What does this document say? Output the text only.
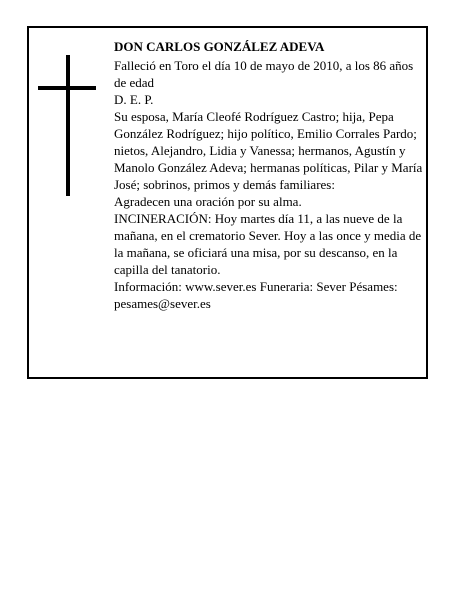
DON CARLOS GONZÁLEZ ADEVA

Falleció en Toro el día 10 de mayo de 2010, a los 86 años de edad

D. E. P.

Su esposa, María Cleofé Rodríguez Castro; hija, Pepa González Rodríguez; hijo político, Emilio Corrales Pardo; nietos, Alejandro, Lidia y Vanessa; hermanos, Agustín y Manolo González Adeva; hermanas políticas, Pilar y María José; sobrinos, primos y demás familiares:

Agradecen una oración por su alma.

INCINERACIÓN: Hoy martes día 11, a las nueve de la mañana, en el crematorio Sever. Hoy a las once y media de la mañana, se oficiará una misa, por su descanso, en la capilla del tanatorio.

Información: www.sever.es Funeraria: Sever Pésames: pesames@sever.es
